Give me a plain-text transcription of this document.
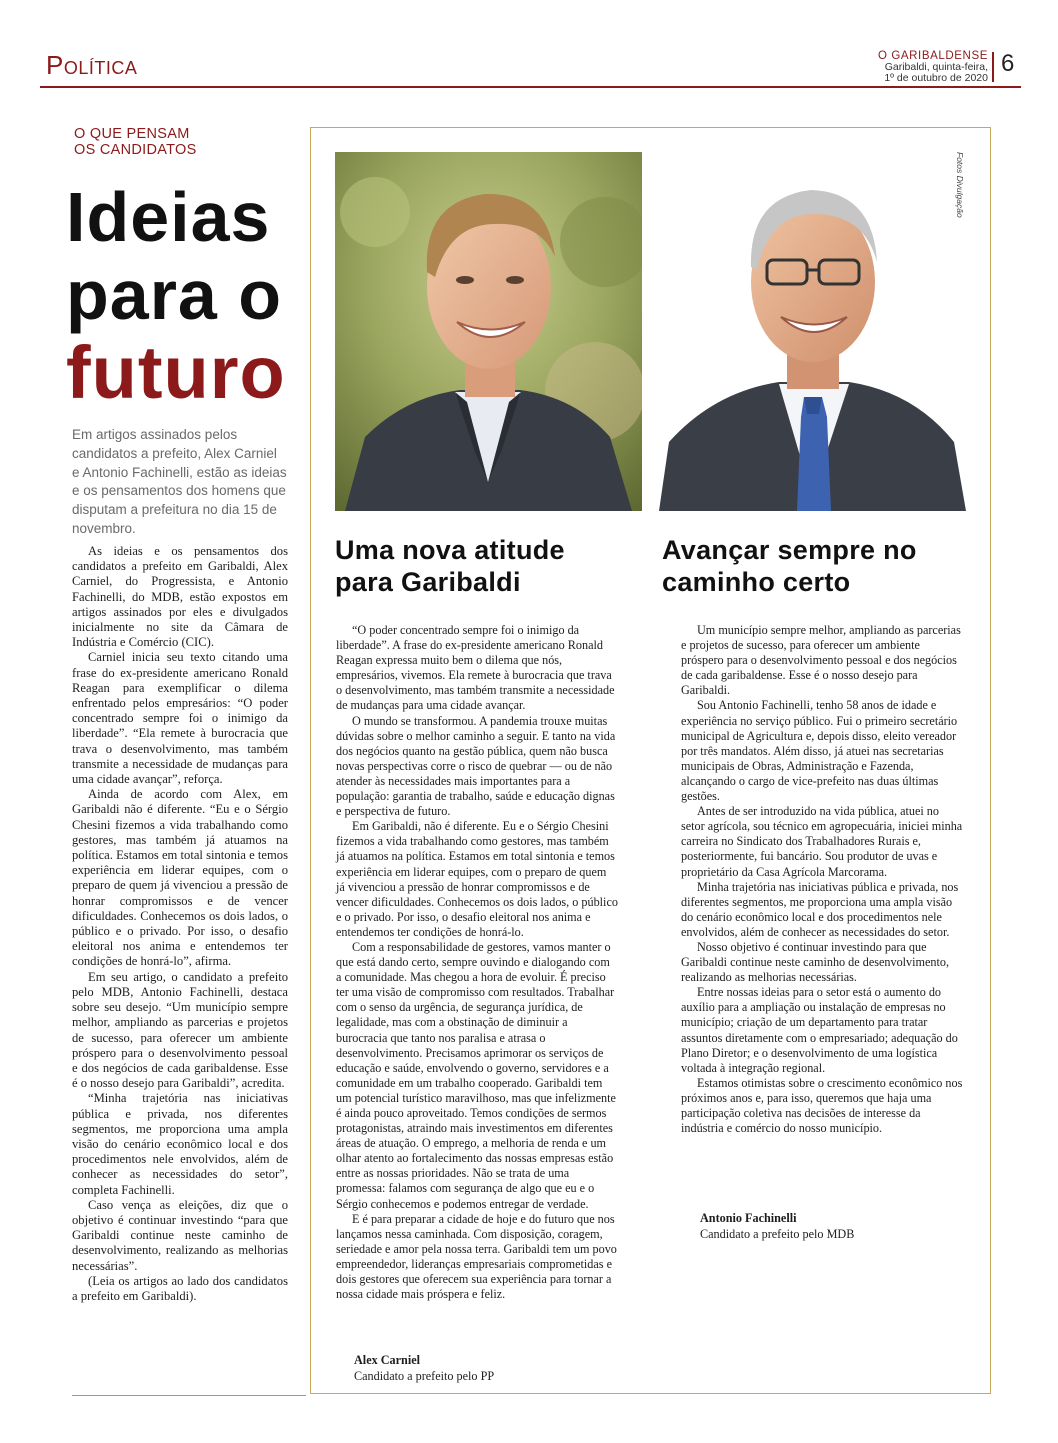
Política	O GARIBALDENSE
Garibaldi, quinta-feira,
1º de outubro de 2020
6
O QUE PENSAM
OS CANDIDATOS
Ideias
para o
futuro
Em artigos assinados pelos candidatos a prefeito, Alex Carniel e Antonio Fachinelli, estão as ideias e os pensamentos dos homens que disputam a prefeitura no dia 15 de novembro.

As ideias e os pensamentos dos candidatos a prefeito em Garibaldi, Alex Carniel, do Progressista, e Antonio Fachinelli, do MDB, estão expostos em artigos assinados por eles e divulgados inicialmente no site da Câmara de Indústria e Comércio (CIC).

Carniel inicia seu texto citando uma frase do ex-presidente americano Ronald Reagan para exemplificar o dilema enfrentado pelos empresários: “O poder concentrado sempre foi o inimigo da liberdade”. “Ela remete à burocracia que trava o desenvolvimento, mas também transmite a necessidade de mudanças para uma cidade avançar”, reforça.

Ainda de acordo com Alex, em Garibaldi não é diferente. “Eu e o Sérgio Chesini fizemos a vida trabalhando como gestores, mas também já atuamos na política. Estamos em total sintonia e temos experiência em liderar equipes, com o preparo de quem já vivenciou a pressão de honrar compromissos e de vencer dificuldades. Conhecemos os dois lados, o público e o privado. Por isso, o desafio eleitoral nos anima e entendemos ter condições de honrá-lo”, afirma.

Em seu artigo, o candidato a prefeito pelo MDB, Antonio Fachinelli, destaca sobre seu desejo. “Um município sempre melhor, ampliando as parcerias e projetos de sucesso, para oferecer um ambiente próspero para o desenvolvimento pessoal e dos negócios de cada garibaldense. Esse é o nosso desejo para Garibaldi”, acredita.

“Minha trajetória nas iniciativas pública e privada, nos diferentes segmentos, me proporciona uma ampla visão do cenário econômico local e dos procedimentos nele envolvidos, além de conhecer as necessidades do setor”, completa Fachinelli.

Caso vença as eleições, diz que o objetivo é continuar investindo “para que Garibaldi continue neste caminho de desenvolvimento, realizando as melhorias necessárias”.

(Leia os artigos ao lado dos candidatos a prefeito em Garibaldi).

Fotos Divulgação
Uma nova atitude
para Garibaldi

“O poder concentrado sempre foi o inimigo da liberdade”. A frase do ex-presidente americano Ronald Reagan expressa muito bem o dilema que nós, empresários, vivemos. Ela remete à burocracia que trava o desenvolvimento, mas também transmite a necessidade de mudanças para uma cidade avançar.

O mundo se transformou. A pandemia trouxe muitas dúvidas sobre o melhor caminho a seguir. E tanto na vida dos negócios quanto na gestão pública, quem não busca novas perspectivas corre o risco de quebrar — ou de não atender às necessidades mais importantes para a população: garantia de trabalho, saúde e educação dignas e perspectiva de futuro.

Em Garibaldi, não é diferente. Eu e o Sérgio Chesini fizemos a vida trabalhando como gestores, mas também já atuamos na política. Estamos em total sintonia e temos experiência em liderar equipes, com o preparo de quem já vivenciou a pressão de honrar compromissos e de vencer dificuldades. Conhecemos os dois lados, o público e o privado. Por isso, o desafio eleitoral nos anima e entendemos ter condições de honrá-lo.

Com a responsabilidade de gestores, vamos manter o que está dando certo, sempre ouvindo e dialogando com a comunidade. Mas chegou a hora de evoluir. É preciso ter uma visão de compromisso com resultados. Trabalhar com o senso da urgência, de segurança jurídica, de legalidade, mas com a obstinação de diminuir a burocracia que tanto nos paralisa e atrasa o desenvolvimento. Precisamos aprimorar os serviços de educação e saúde, envolvendo o governo, servidores e a comunidade em um trabalho cooperado. Garibaldi tem um potencial turístico maravilhoso, mas que infelizmente é ainda pouco aproveitado. Temos condições de sermos protagonistas, atraindo mais investimentos em diferentes áreas de atuação. O emprego, a melhoria de renda e um olhar atento ao fortalecimento das nossas empresas estão entre as nossas prioridades. Não se trata de uma promessa: falamos com segurança de algo que eu e o Sérgio conhecemos e podemos entregar de verdade.

E é para preparar a cidade de hoje e do futuro que nos lançamos nessa caminhada. Com disposição, coragem, seriedade e amor pela nossa terra. Garibaldi tem um povo empreendedor, lideranças empresariais comprometidas e dois gestores que oferecem sua experiência para tornar a nossa cidade mais próspera e feliz.

Alex Carniel
Candidato a prefeito pelo PP
Avançar sempre no
caminho certo

Um município sempre melhor, ampliando as parcerias e projetos de sucesso, para oferecer um ambiente próspero para o desenvolvimento pessoal e dos negócios de cada garibaldense. Esse é o nosso desejo para Garibaldi.

Sou Antonio Fachinelli, tenho 58 anos de idade e experiência no serviço público. Fui o primeiro secretário municipal de Agricultura e, depois disso, eleito vereador por três mandatos. Além disso, já atuei nas secretarias municipais de Obras, Administração e Fazenda, alcançando o cargo de vice-prefeito nas duas últimas gestões.

Antes de ser introduzido na vida pública, atuei no setor agrícola, sou técnico em agropecuária, iniciei minha carreira no Sindicato dos Trabalhadores Rurais e, posteriormente, fui bancário. Sou produtor de uvas e proprietário da Casa Agrícola Marcorama.

Minha trajetória nas iniciativas pública e privada, nos diferentes segmentos, me proporciona uma ampla visão do cenário econômico local e dos procedimentos nele envolvidos, além de conhecer as necessidades do setor.

Nosso objetivo é continuar investindo para que Garibaldi continue neste caminho de desenvolvimento, realizando as melhorias necessárias.

Entre nossas ideias para o setor está o aumento do auxílio para a ampliação ou instalação de empresas no município; criação de um departamento para tratar assuntos diretamente com o empresariado; adequação do Plano Diretor; e o desenvolvimento de uma logística voltada à integração regional.

Estamos otimistas sobre o crescimento econômico nos próximos anos e, para isso, queremos que haja uma participação coletiva nas decisões de interesse da indústria e comércio do nosso município.

Antonio Fachinelli
Candidato a prefeito pelo MDB
